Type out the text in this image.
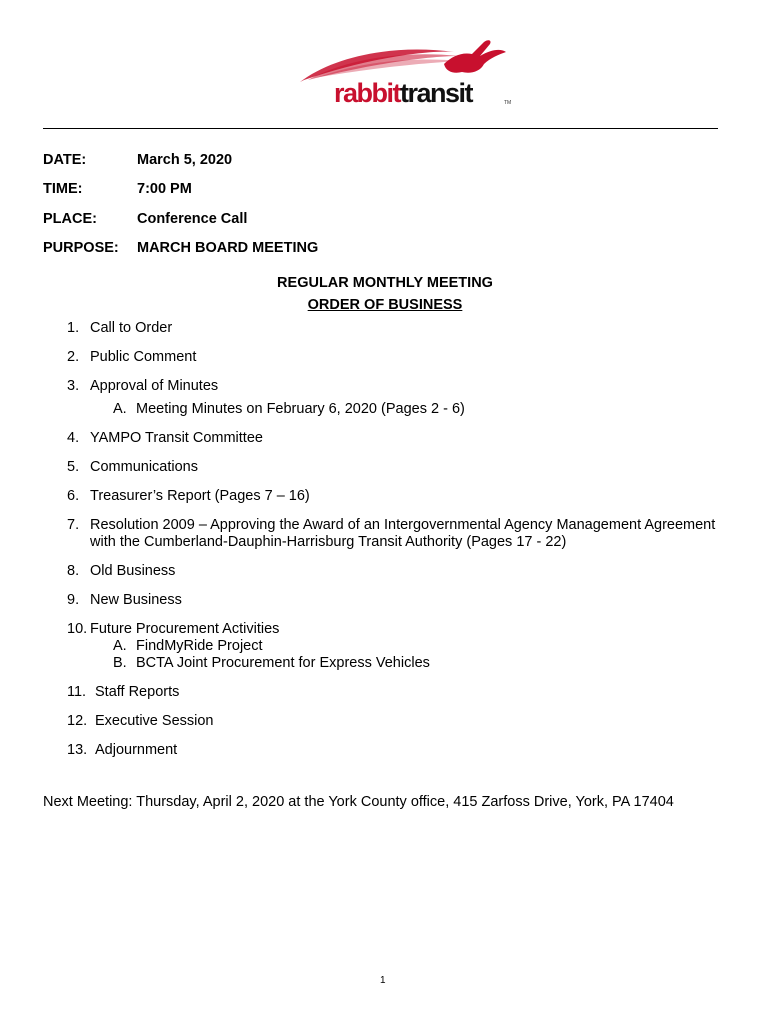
rabbittransit	TM
DATE:	March 5, 2020
TIME:	7:00 PM
PLACE:	Conference Call
PURPOSE: MARCH BOARD MEETING
REGULAR MONTHLY MEETING
ORDER OF BUSINESS
1. Call to Order
2. Public Comment
3. Approval of Minutes
A. Meeting Minutes on February 6, 2020 (Pages 2 - 6)
4. YAMPO Transit Committee
5. Communications
6. Treasurer’s Report (Pages 7 – 16)
7. Resolution 2009 – Approving the Award of an Intergovernmental Agency Management Agreement
with the Cumberland-Dauphin-Harrisburg Transit Authority (Pages 17 - 22)
8. Old Business
9. New Business
10. Future Procurement Activities
A. FindMyRide Project
B. BCTA Joint Procurement for Express Vehicles
11. Staff Reports
12. Executive Session
13. Adjournment
Next Meeting: Thursday, April 2, 2020 at the York County office, 415 Zarfoss Drive, York, PA 17404
1
